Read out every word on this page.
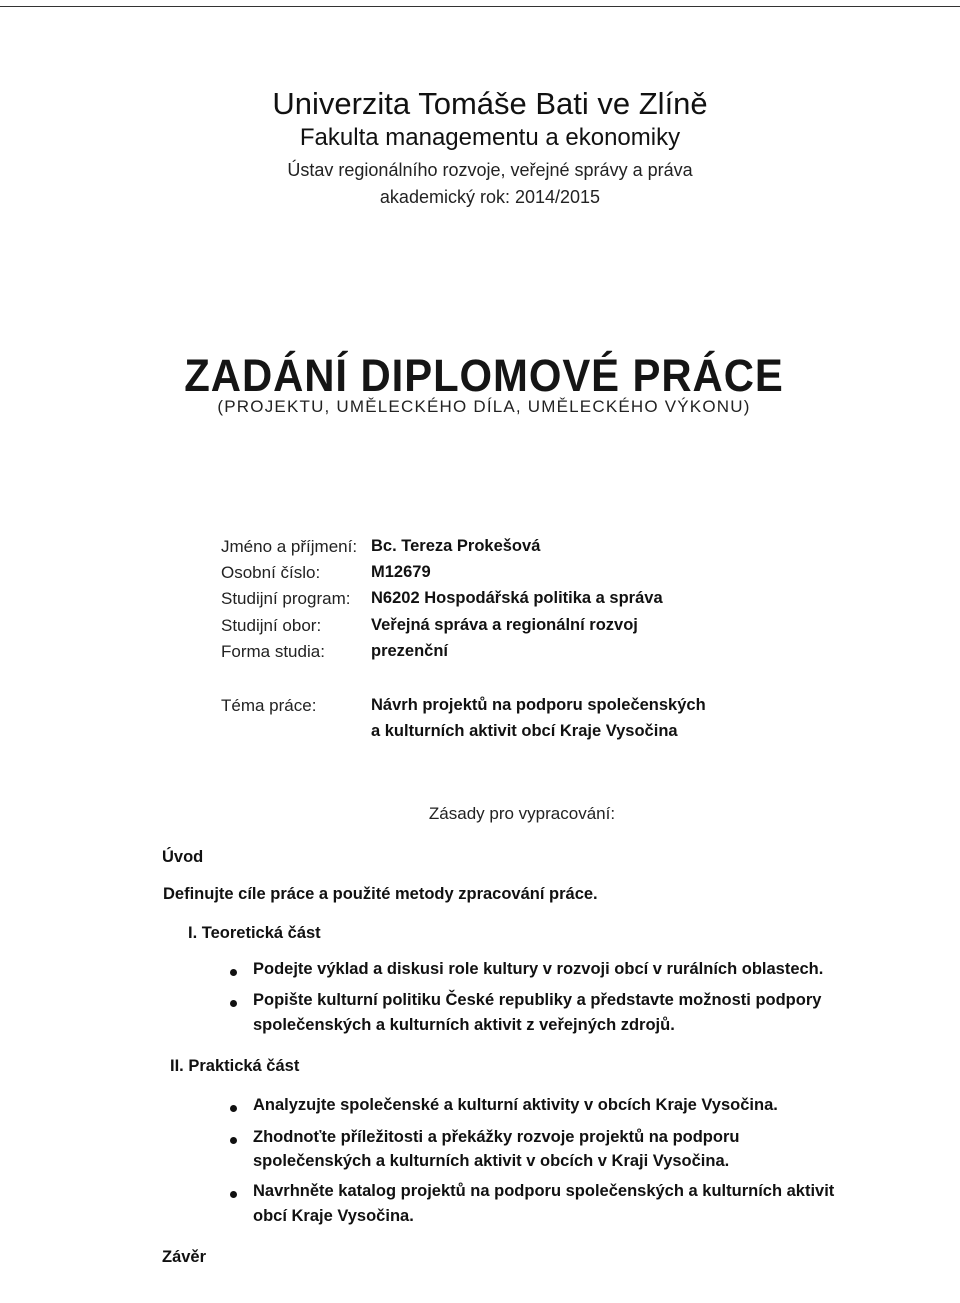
Univerzita Tomáše Bati ve Zlíně
Fakulta managementu a ekonomiky
Ústav regionálního rozvoje, veřejné správy a práva
akademický rok: 2014/2015
ZADÁNÍ DIPLOMOVÉ PRÁCE
(PROJEKTU, UMĚLECKÉHO DÍLA, UMĚLECKÉHO VÝKONU)
Jméno a příjmení: Bc. Tereza Prokešová
Osobní číslo:	M12679
Studijní program: N6202 Hospodářská politika a správa
Studijní obor:	Veřejná správa a regionální rozvoj
Forma studia:	prezenční
Téma práce:	Návrh projektů na podporu společenských
a kulturních aktivit obcí Kraje Vysočina
Zásady pro vypracování:
Úvod
Definujte cíle práce a použité metody zpracování práce.
I. Teoretická část
Podejte výklad a diskusi role kultury v rozvoji obcí v rurálních oblastech.
Popište kulturní politiku České republiky a představte možnosti podpory
společenských a kulturních aktivit z veřejných zdrojů.
II. Praktická část
Analyzujte společenské a kulturní aktivity v obcích Kraje Vysočina.
Zhodnoťte příležitosti a překážky rozvoje projektů na podporu
společenských a kulturních aktivit v obcích v Kraji Vysočina.
Navrhněte katalog projektů na podporu společenských a kulturních aktivit
obcí Kraje Vysočina.
Závěr
